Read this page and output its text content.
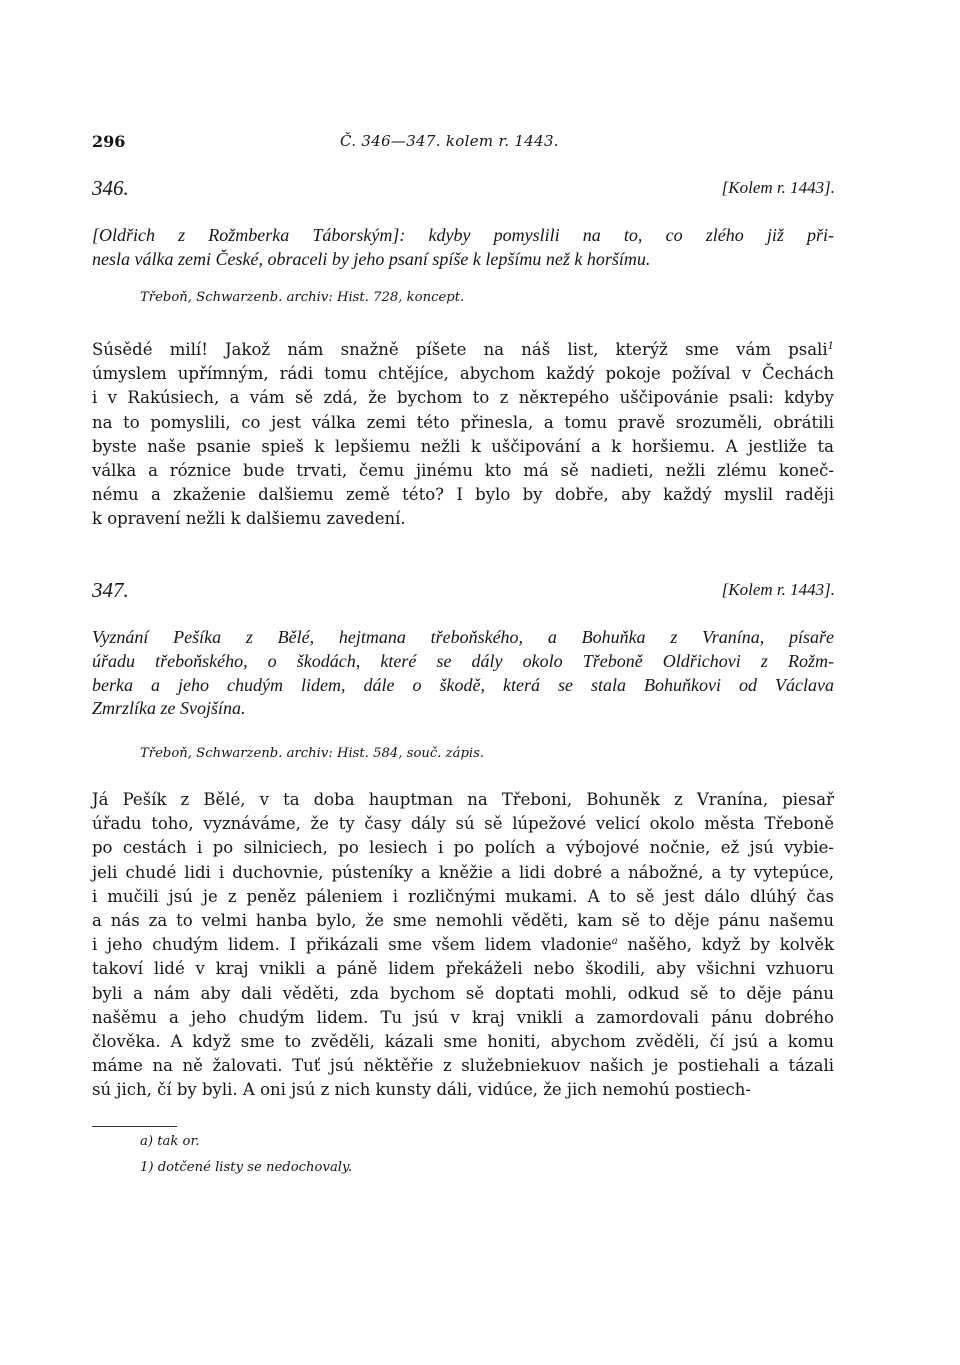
296	Č. 346—347. kolem r. 1443.
346.	[Kolem r. 1443].
[Oldřich z Rožmberka Táborským]: kdyby pomyslili na to, co zlého již při-
nesla válka zemi České, obraceli by jeho psaní spíše k lepšímu než k horšímu.
Třeboň, Schwarzenb. archiv: Hist. 728, koncept.
Súsědé milí! Jakož nám snažně píšete na náš list, kterýž sme vám psali$^1$
úmyslem upřímným, rádi tomu chtějíce, abychom každý pokoje požíval v Čechách
i v Rakúsiech, a vám sě zdá, že bychom to z něктерého uščipovánie psali: kdyby
na to pomyslili, co jest válka zemi této přinesla, a tomu pravě srozuměli, obrátili
byste naše psanie spieš k lepšiemu nežli k uščipování a k horšiemu. A jestliže ta
válka a róznice bude trvati, čemu jinému kto má sě nadieti, nežli zlému koneč-
nému a zkaženie dalšiemu země této? I bylo by dobře, aby každý myslil raději
k opravení nežli k dalšiemu zavedení.
347.	[Kolem r. 1443].
Vyznání Pešíka z Bělé, hejtmana třeboňského, a Bohuňka z Vranína, písaře
úřadu třeboňského, o škodách, které se dály okolo Třeboně Oldřichovi z Rožm-
berka a jeho chudým lidem, dále o škodě, která se stala Bohuňkovi od Václava
Zmrzlíka ze Svojšína.
Třeboň, Schwarzenb. archiv: Hist. 584, souč. zápis.
Já Pešík z Bělé, v ta doba hauptman na Třeboni, Bohuněk z Vranína, piesař
úřadu toho, vyznáváme, že ty časy dály sú sě lúpežové velicí okolo města Třeboně
po cestách i po silniciech, po lesiech i po polích a výbojové nočnie, ež jsú vybie-
jeli chudé lidi i duchovnie, pústeníky a kněžie a lidi dobré a nábožné, a ty vytepúce,
i mučili jsú je z peněz páleniem i rozličnými mukami. A to sě jest dálo dlúhý čas
a nás za to velmi hanba bylo, že sme nemohli věděti, kam sě to děje pánu našemu
i jeho chudým lidem. I přikázali sme všem lidem vladonie$^a$ našěho, když by kolvěk
takoví lidé v kraj vnikli a páně lidem překáželi nebo škodili, aby všichni vzhuoru
byli a nám aby dali věděti, zda bychom sě doptati mohli, odkud sě to děje pánu
našěmu a jeho chudým lidem. Tu jsú v kraj vnikli a zamordovali pánu dobrého
člověka. A když sme to zvěděli, kázali sme honiti, abychom zvěděli, čí jsú a komu
máme na ně žalovati. Tuť jsú něktěřie z služebniekuov našich je postiehali a tázali
sú jich, čí by byli. A oni jsú z nich kunsty dáli, vidúce, že jich nemohú postiech-
a) tak or.
1) dotčené listy se nedochovaly.
